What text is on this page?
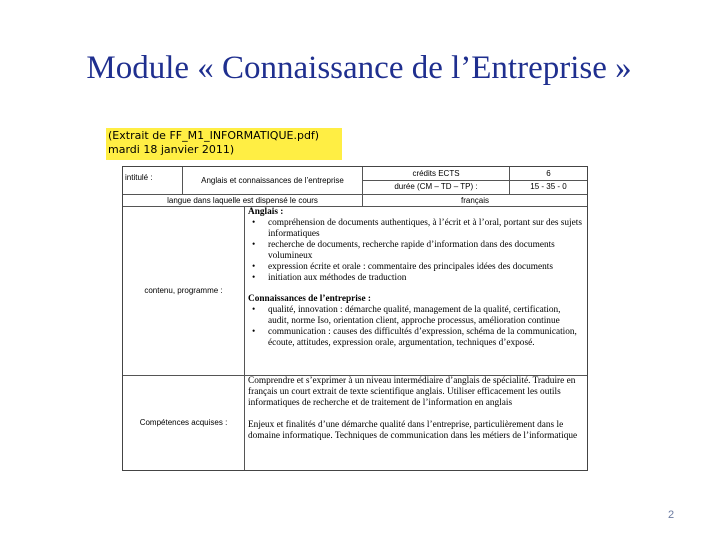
Module « Connaissance de l’Entreprise »
(Extrait de FF_M1_INFORMATIQUE.pdf)
mardi 18 janvier 2011)
intitulé :	Anglais et connaissances de l’entreprise
crédits ECTS
durée (CM – TD – TP) :
6
15 - 35 - 0
langue dans laquelle est dispensé le cours	français
contenu, programme :
Anglais :
• compréhension de documents authentiques, à l’écrit et à l’oral, portant sur des sujets informatiques
• recherche de documents, recherche rapide d’information dans des documents volumineux
• expression écrite et orale : commentaire des principales idées des documents
• initiation aux méthodes de traduction
Connaissances de l’entreprise :
• qualité, innovation : démarche qualité, management de la qualité, certification, audit, norme Iso, orientation client, approche processus, amélioration continue
• communication : causes des difficultés d’expression, schéma de la communication, écoute, attitudes, expression orale, argumentation, techniques d’exposé.
Compétences acquises :
Comprendre et s’exprimer à un niveau intermédiaire d’anglais de spécialité. Traduire en français un court extrait de texte scientifique anglais. Utiliser efficacement les outils informatiques de recherche et de traitement de l’information en anglais
Enjeux et finalités d’une démarche qualité dans l’entreprise, particulièrement dans le domaine informatique. Techniques de communication dans les métiers de l’informatique
2
